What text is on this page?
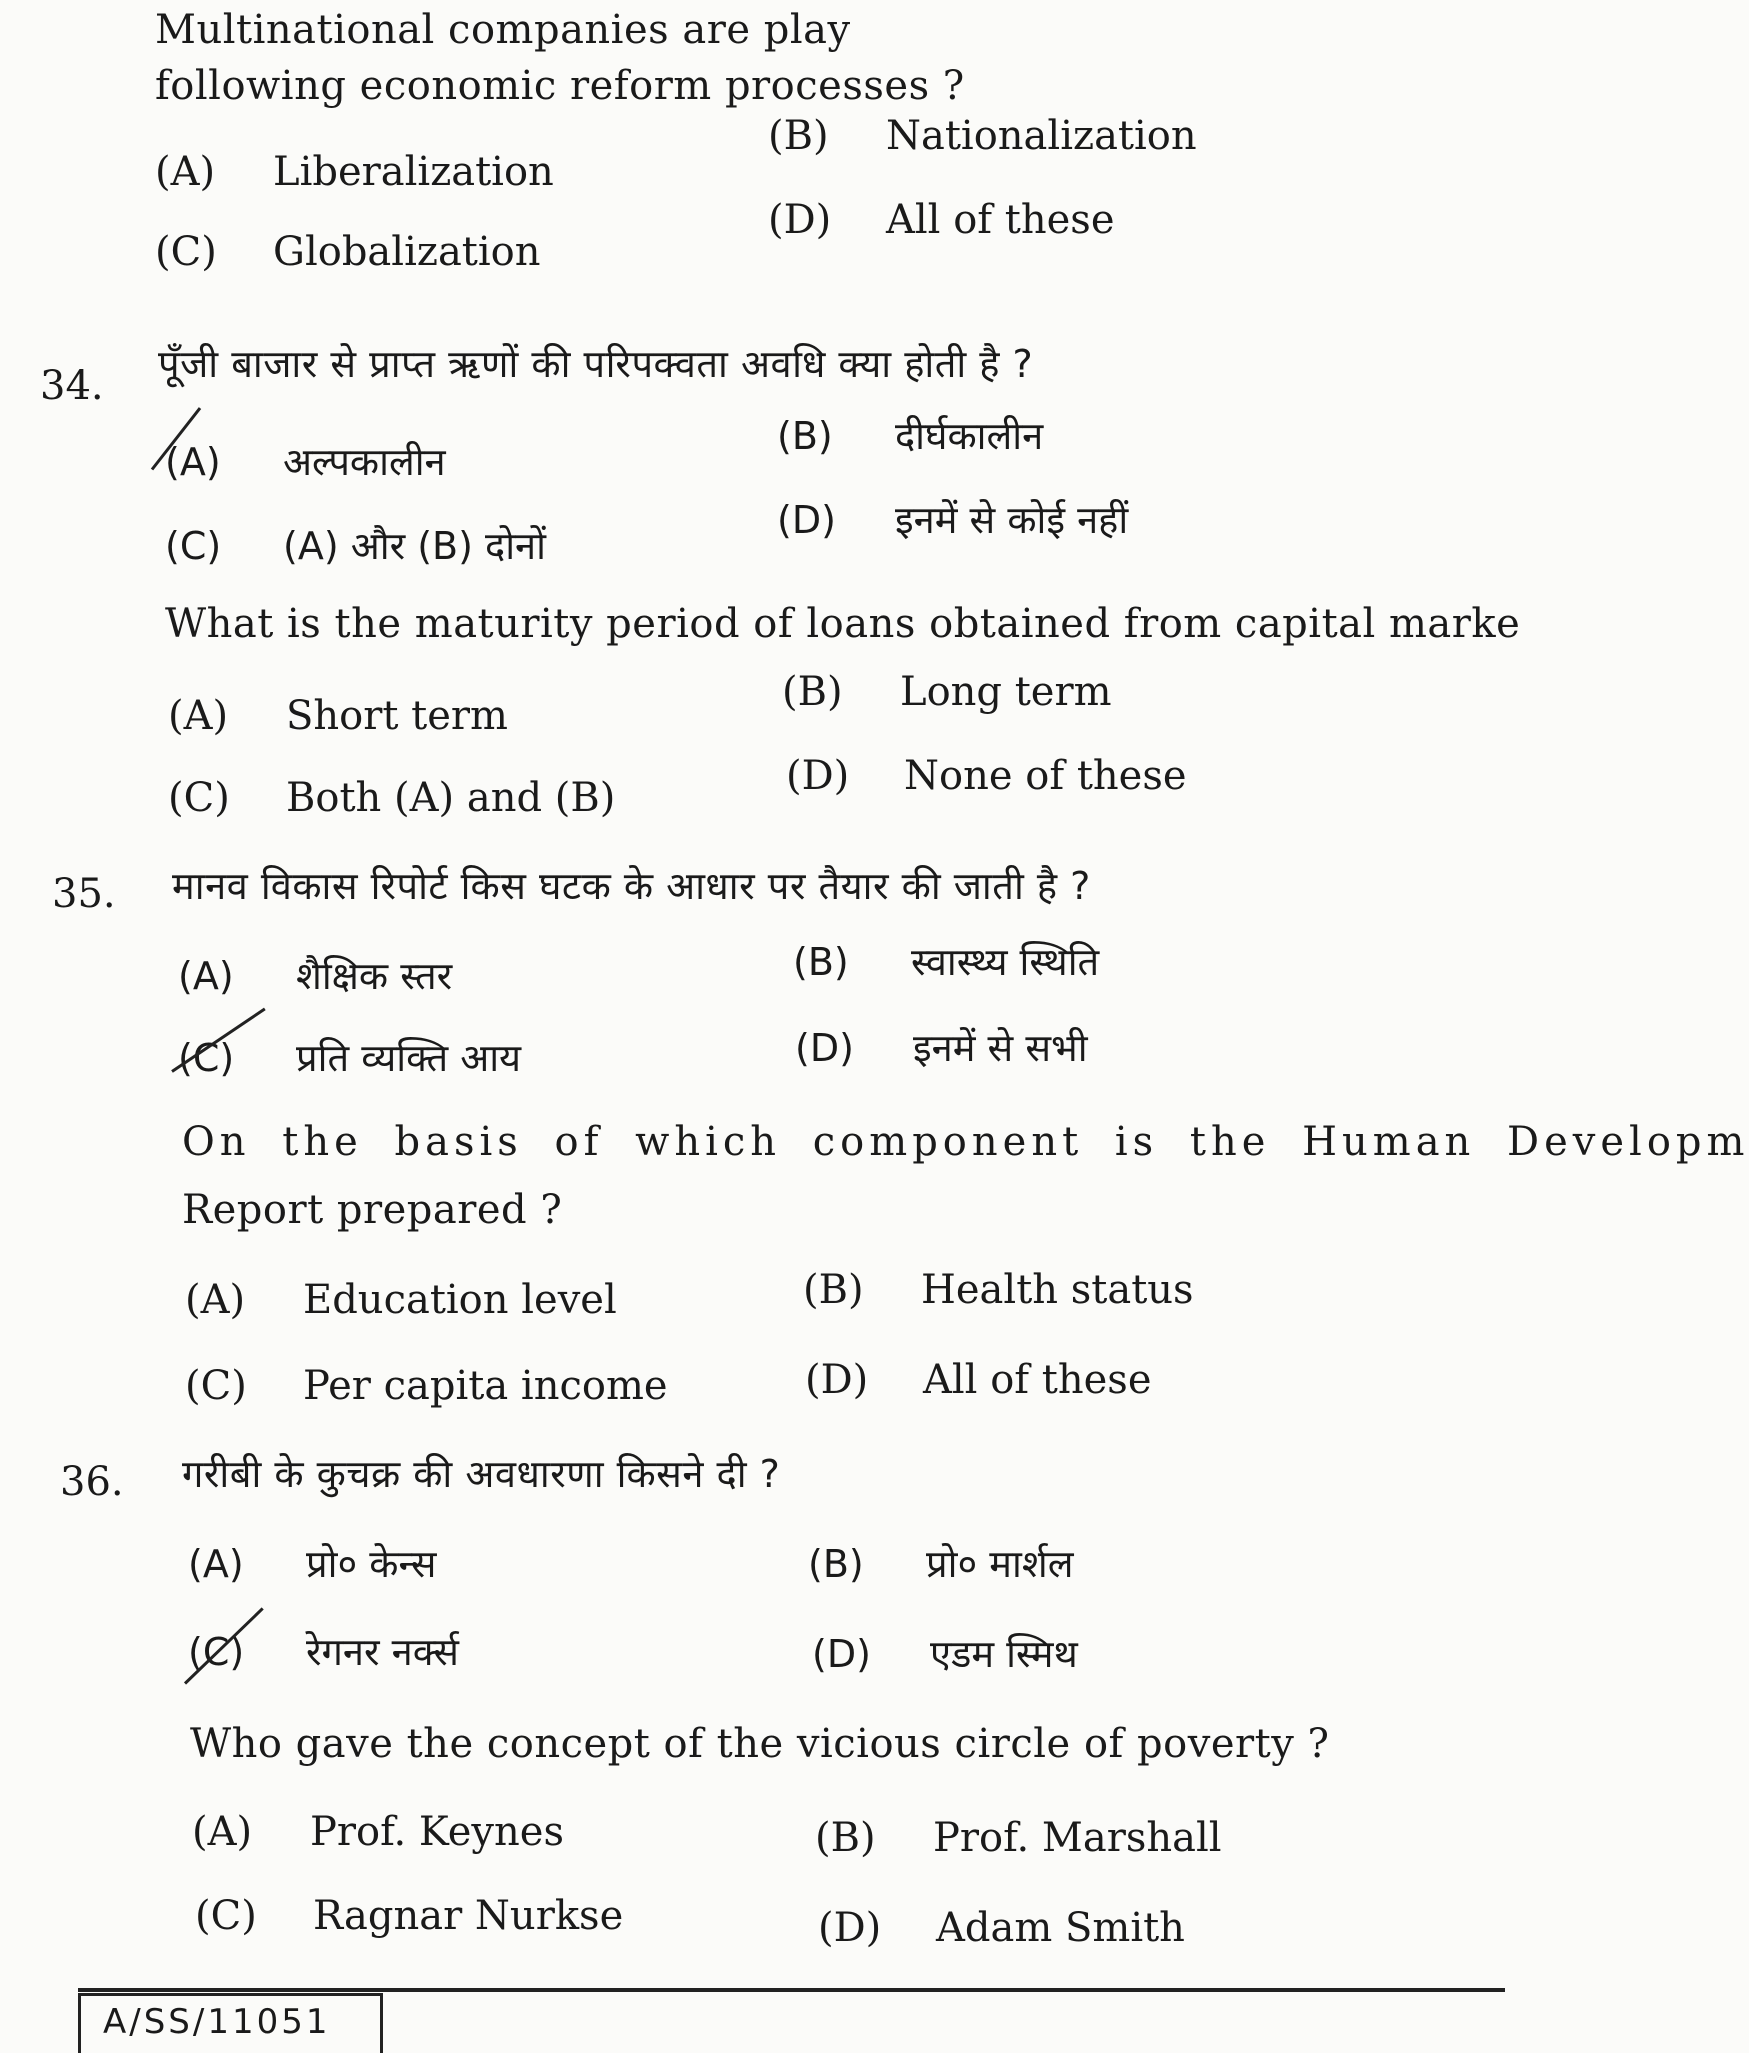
Multinational companies are play
following economic reform processes ?
(A) Liberalization
(B) Nationalization
(C) Globalization
(D) All of these
34. पूँजी बाजार से प्राप्त ऋणों की परिपक्वता अवधि क्या होती है ?
(A) अल्पकालीन
(B) दीर्घकालीन
(C) (A) और (B) दोनों
(D) इनमें से कोई नहीं
What is the maturity period of loans obtained from capital marke
(A) Short term
(B) Long term
(C) Both (A) and (B)	(D) None of these
35. मानव विकास रिपोर्ट किस घटक के आधार पर तैयार की जाती है ?
(A) शैक्षिक स्तर	(B) स्वास्थ्य स्थिति
(C) प्रति व्यक्ति आय	(D) इनमें से सभी
On the basis of which component is the Human Developm
Report prepared ?
(A) Education level	(B) Health status
(C) Per capita income	(D) All of these
36. गरीबी के कुचक्र की अवधारणा किसने दी ?
(A) प्रो० केन्स	(B) प्रो० मार्शल
(C) रेगनर नर्क्स	(D) एडम स्मिथ
Who gave the concept of the vicious circle of poverty ?
(A) Prof. Keynes	(B) Prof. Marshall
(C) Ragnar Nurkse	(D) Adam Smith
A/SS/11051
